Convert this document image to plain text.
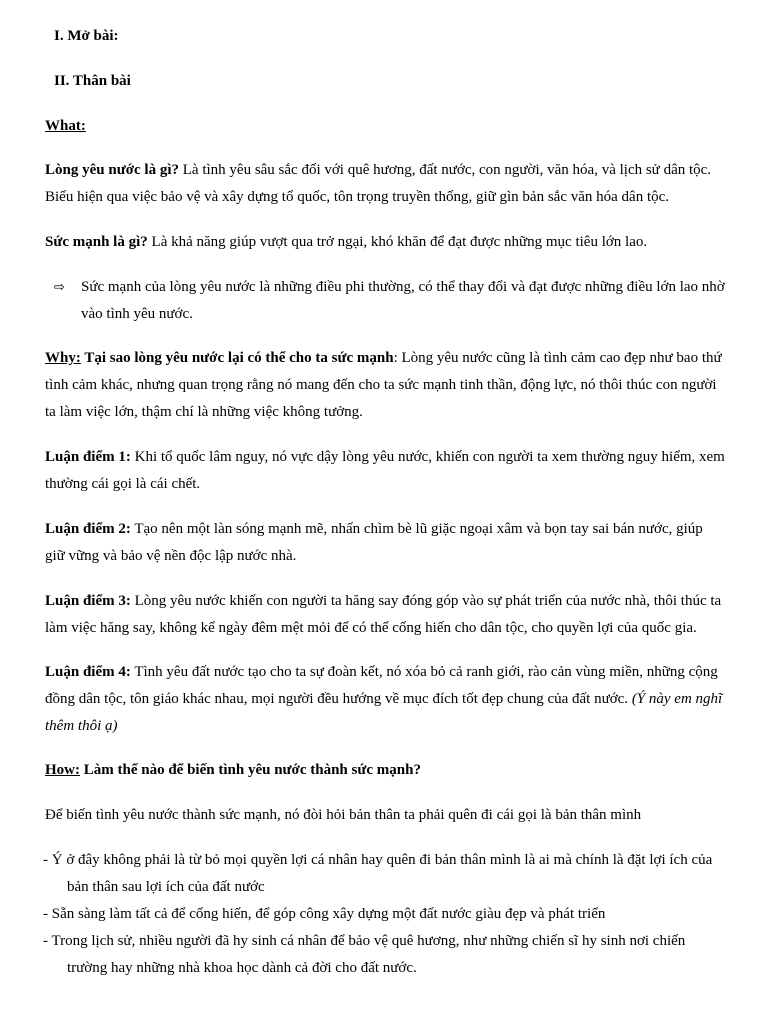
I. Mở bài:

II. Thân bài

What:

Lòng yêu nước là gì? Là tình yêu sâu sắc đối với quê hương, đất nước, con người, văn hóa, và lịch sử dân tộc. Biểu hiện qua việc bảo vệ và xây dựng tổ quốc, tôn trọng truyền thống, giữ gìn bản sắc văn hóa dân tộc.

Sức mạnh là gì? Là khả năng giúp vượt qua trở ngại, khó khăn để đạt được những mục tiêu lớn lao.

⇨ Sức mạnh của lòng yêu nước là những điều phi thường, có thể thay đổi và đạt được những điều lớn lao nhờ vào tình yêu nước.

Why: Tại sao lòng yêu nước lại có thể cho ta sức mạnh: Lòng yêu nước cũng là tình cảm cao đẹp như bao thứ tình cảm khác, nhưng quan trọng rằng nó mang đến cho ta sức mạnh tinh thần, động lực, nó thôi thúc con người ta làm việc lớn, thậm chí là những việc không tưởng.

Luận điểm 1: Khi tổ quốc lâm nguy, nó vực dậy lòng yêu nước, khiến con người ta xem thường nguy hiểm, xem thường cái gọi là cái chết.

Luận điểm 2: Tạo nên một làn sóng mạnh mẽ, nhấn chìm bè lũ giặc ngoại xâm và bọn tay sai bán nước, giúp giữ vững và bảo vệ nền độc lập nước nhà.

Luận điểm 3: Lòng yêu nước khiến con người ta hăng say đóng góp vào sự phát triển của nước nhà, thôi thúc ta làm việc hăng say, không kể ngày đêm mệt mỏi để có thể cống hiến cho dân tộc, cho quyền lợi của quốc gia.

Luận điểm 4: Tình yêu đất nước tạo cho ta sự đoàn kết, nó xóa bỏ cả ranh giới, rào cản vùng miền, những cộng đồng dân tộc, tôn giáo khác nhau, mọi người đều hướng về mục đích tốt đẹp chung của đất nước. (Ý này em nghĩ thêm thôi ạ)

How: Làm thế nào để biến tình yêu nước thành sức mạnh?

Để biến tình yêu nước thành sức mạnh, nó đòi hỏi bản thân ta phải quên đi cái gọi là bản thân mình

- Ý ở đây không phải là từ bỏ mọi quyền lợi cá nhân hay quên đi bản thân mình là ai mà chính là đặt lợi ích của bản thân sau lợi ích của đất nước

- Sẵn sàng làm tất cả để cống hiến, để góp công xây dựng một đất nước giàu đẹp và phát triển

- Trong lịch sử, nhiều người đã hy sinh cá nhân để bảo vệ quê hương, như những chiến sĩ hy sinh nơi chiến trường hay những nhà khoa học dành cả đời cho đất nước.
